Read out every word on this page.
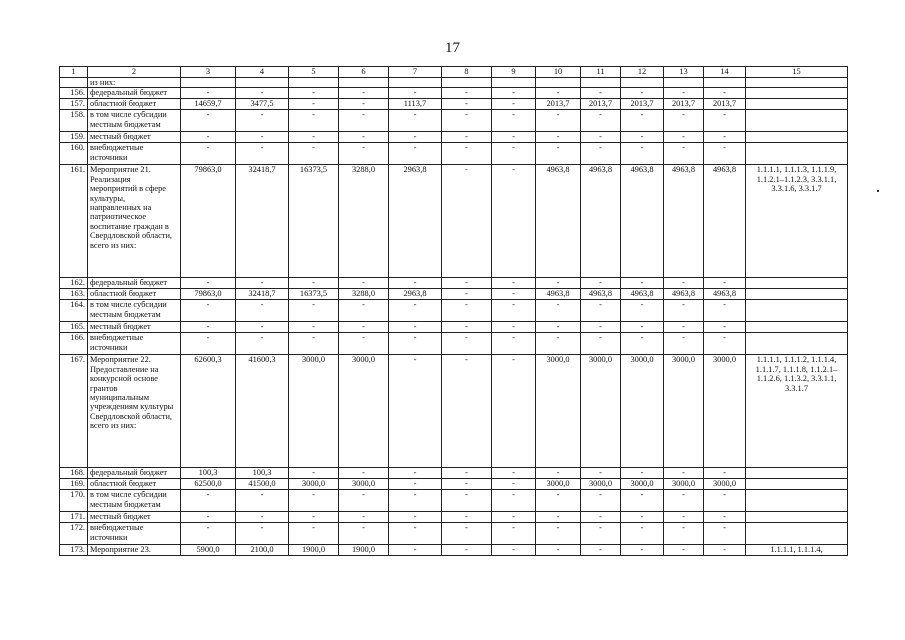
17
1	2	3	4	5	6	7	8	9	10	11	12	13	14	15
	из них:													
156.	федеральный бюджет	-	-	-	-	-	-	-	-	-	-	-	-	
157.	областной бюджет	14659,7	3477,5	-	-	1113,7	-	-	2013,7	2013,7	2013,7	2013,7	2013,7	
158.	в том числе субсидии местным бюджетам	-	-	-	-	-	-	-	-	-	-	-	-	
159.	местный бюджет	-	-	-	-	-	-	-	-	-	-	-	-	
160.	внебюджетные источники	-	-	-	-	-	-	-	-	-	-	-	-	
161.	Мероприятие 21. Реализация мероприятий в сфере культуры, направленных на патриотическое воспитание граждан в Свердловской области, всего из них:	79863,0	32418,7	16373,5	3288,0	2963,8	-	-	4963,8	4963,8	4963,8	4963,8	4963,8	1.1.1.1, 1.1.1.3, 1.1.1.9, 1.1.2.1–1.1.2.3, 3.3.1.1, 3.3.1.6, 3.3.1.7
162.	федеральный бюджет	-	-	-	-	-	-	-	-	-	-	-	-	
163.	областной бюджет	79863,0	32418,7	16373,5	3288,0	2963,8	-	-	4963,8	4963,8	4963,8	4963,8	4963,8	
164.	в том числе субсидии местным бюджетам	-	-	-	-	-	-	-	-	-	-	-	-	
165.	местный бюджет	-	-	-	-	-	-	-	-	-	-	-	-	
166.	внебюджетные источники	-	-	-	-	-	-	-	-	-	-	-	-	
167.	Мероприятие 22. Предоставление на конкурсной основе грантов муниципальным учреждениям культуры Свердловской области, всего из них:	62600,3	41600,3	3000,0	3000,0	-	-	-	3000,0	3000,0	3000,0	3000,0	3000,0	1.1.1.1, 1.1.1.2, 1.1.1.4, 1.1.1.7, 1.1.1.8, 1.1.2.1–1.1.2.6, 1.1.3.2, 3.3.1.1, 3.3.1.7
168.	федеральный бюджет	100,3	100,3	-	-	-	-	-	-	-	-	-	-	
169.	областной бюджет	62500,0	41500,0	3000,0	3000,0	-	-	-	3000,0	3000,0	3000,0	3000,0	3000,0	
170.	в том числе субсидии местным бюджетам	-	-	-	-	-	-	-	-	-	-	-	-	
171.	местный бюджет	-	-	-	-	-	-	-	-	-	-	-	-	
172.	внебюджетные источники	-	-	-	-	-	-	-	-	-	-	-	-	
173.	Мероприятие 23.	5900,0	2100,0	1900,0	1900,0	-	-	-	-	-	-	-	-	1.1.1.1, 1.1.1.4,
